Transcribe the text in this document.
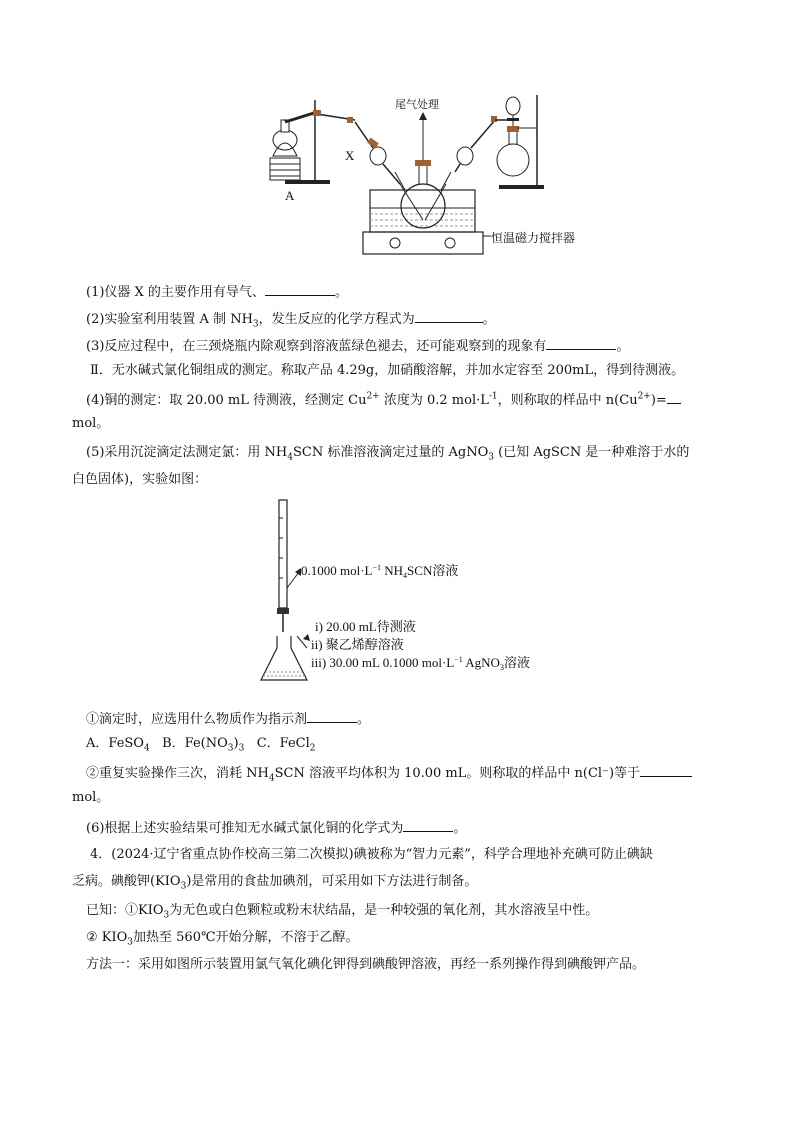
X
A
尾气处理
恒温磁力搅拌器
(1)仪器 X 的主要作用有导气、	。
(2)实验室利用装置 A 制 $NH_3$，发生反应的化学方程式为	。
(3)反应过程中，在三颈烧瓶内除观察到溶液蓝绿色褪去，还可能观察到的现象有	。
Ⅱ．无水碱式氯化铜组成的测定。称取产品 4.29g，加硝酸溶解，并加水定容至 200mL，得到待测液。
(4)铜的测定：取 20.00 mL 待测液，经测定 $Cu^{2+}$ 浓度为 0.2 $mol\cdot L^{-1}$，则称取的样品中 $n(Cu^{2+})=$
mol。
(5)采用沉淀滴定法测定氯：用 $NH_4SCN$ 标准溶液滴定过量的 AgNO$_3$ (已知 AgSCN 是一种难溶于水的
白色固体)，实验如图：
0.1000 $mol\cdot L^{-1}$ $NH_4SCN$溶液
i) 20.00 mL待测液
ii) 聚乙烯醇溶液
iii) 30.00 mL 0.1000 $mol\cdot L^{-1}$ AgNO$_3$溶液
①滴定时，应选用什么物质作为指示剂	。
A．FeSO$_4$ B．$Fe(NO_3)_3$ C．FeCl$_2$
②重复实验操作三次，消耗 $NH_4SCN$ 溶液平均体积为 10.00 mL。则称取的样品中 n(Cl⁻)等于
mol。
(6)根据上述实验结果可推知无水碱式氯化铜的化学式为	。
4．(2024·辽宁省重点协作校高三第二次模拟)碘被称为“智力元素”，科学合理地补充碘可防止碘缺
乏病。碘酸钾$(KIO_3)$是常用的食盐加碘剂，可采用如下方法进行制备。
已知：$①KIO_3$为无色或白色颗粒或粉末状结晶，是一种较强的氧化剂，其水溶液呈中性。
② $KIO_3$加热至 560℃开始分解，不溶于乙醇。
方法一：采用如图所示装置用氯气氧化碘化钾得到碘酸钾溶液，再经一系列操作得到碘酸钾产品。
